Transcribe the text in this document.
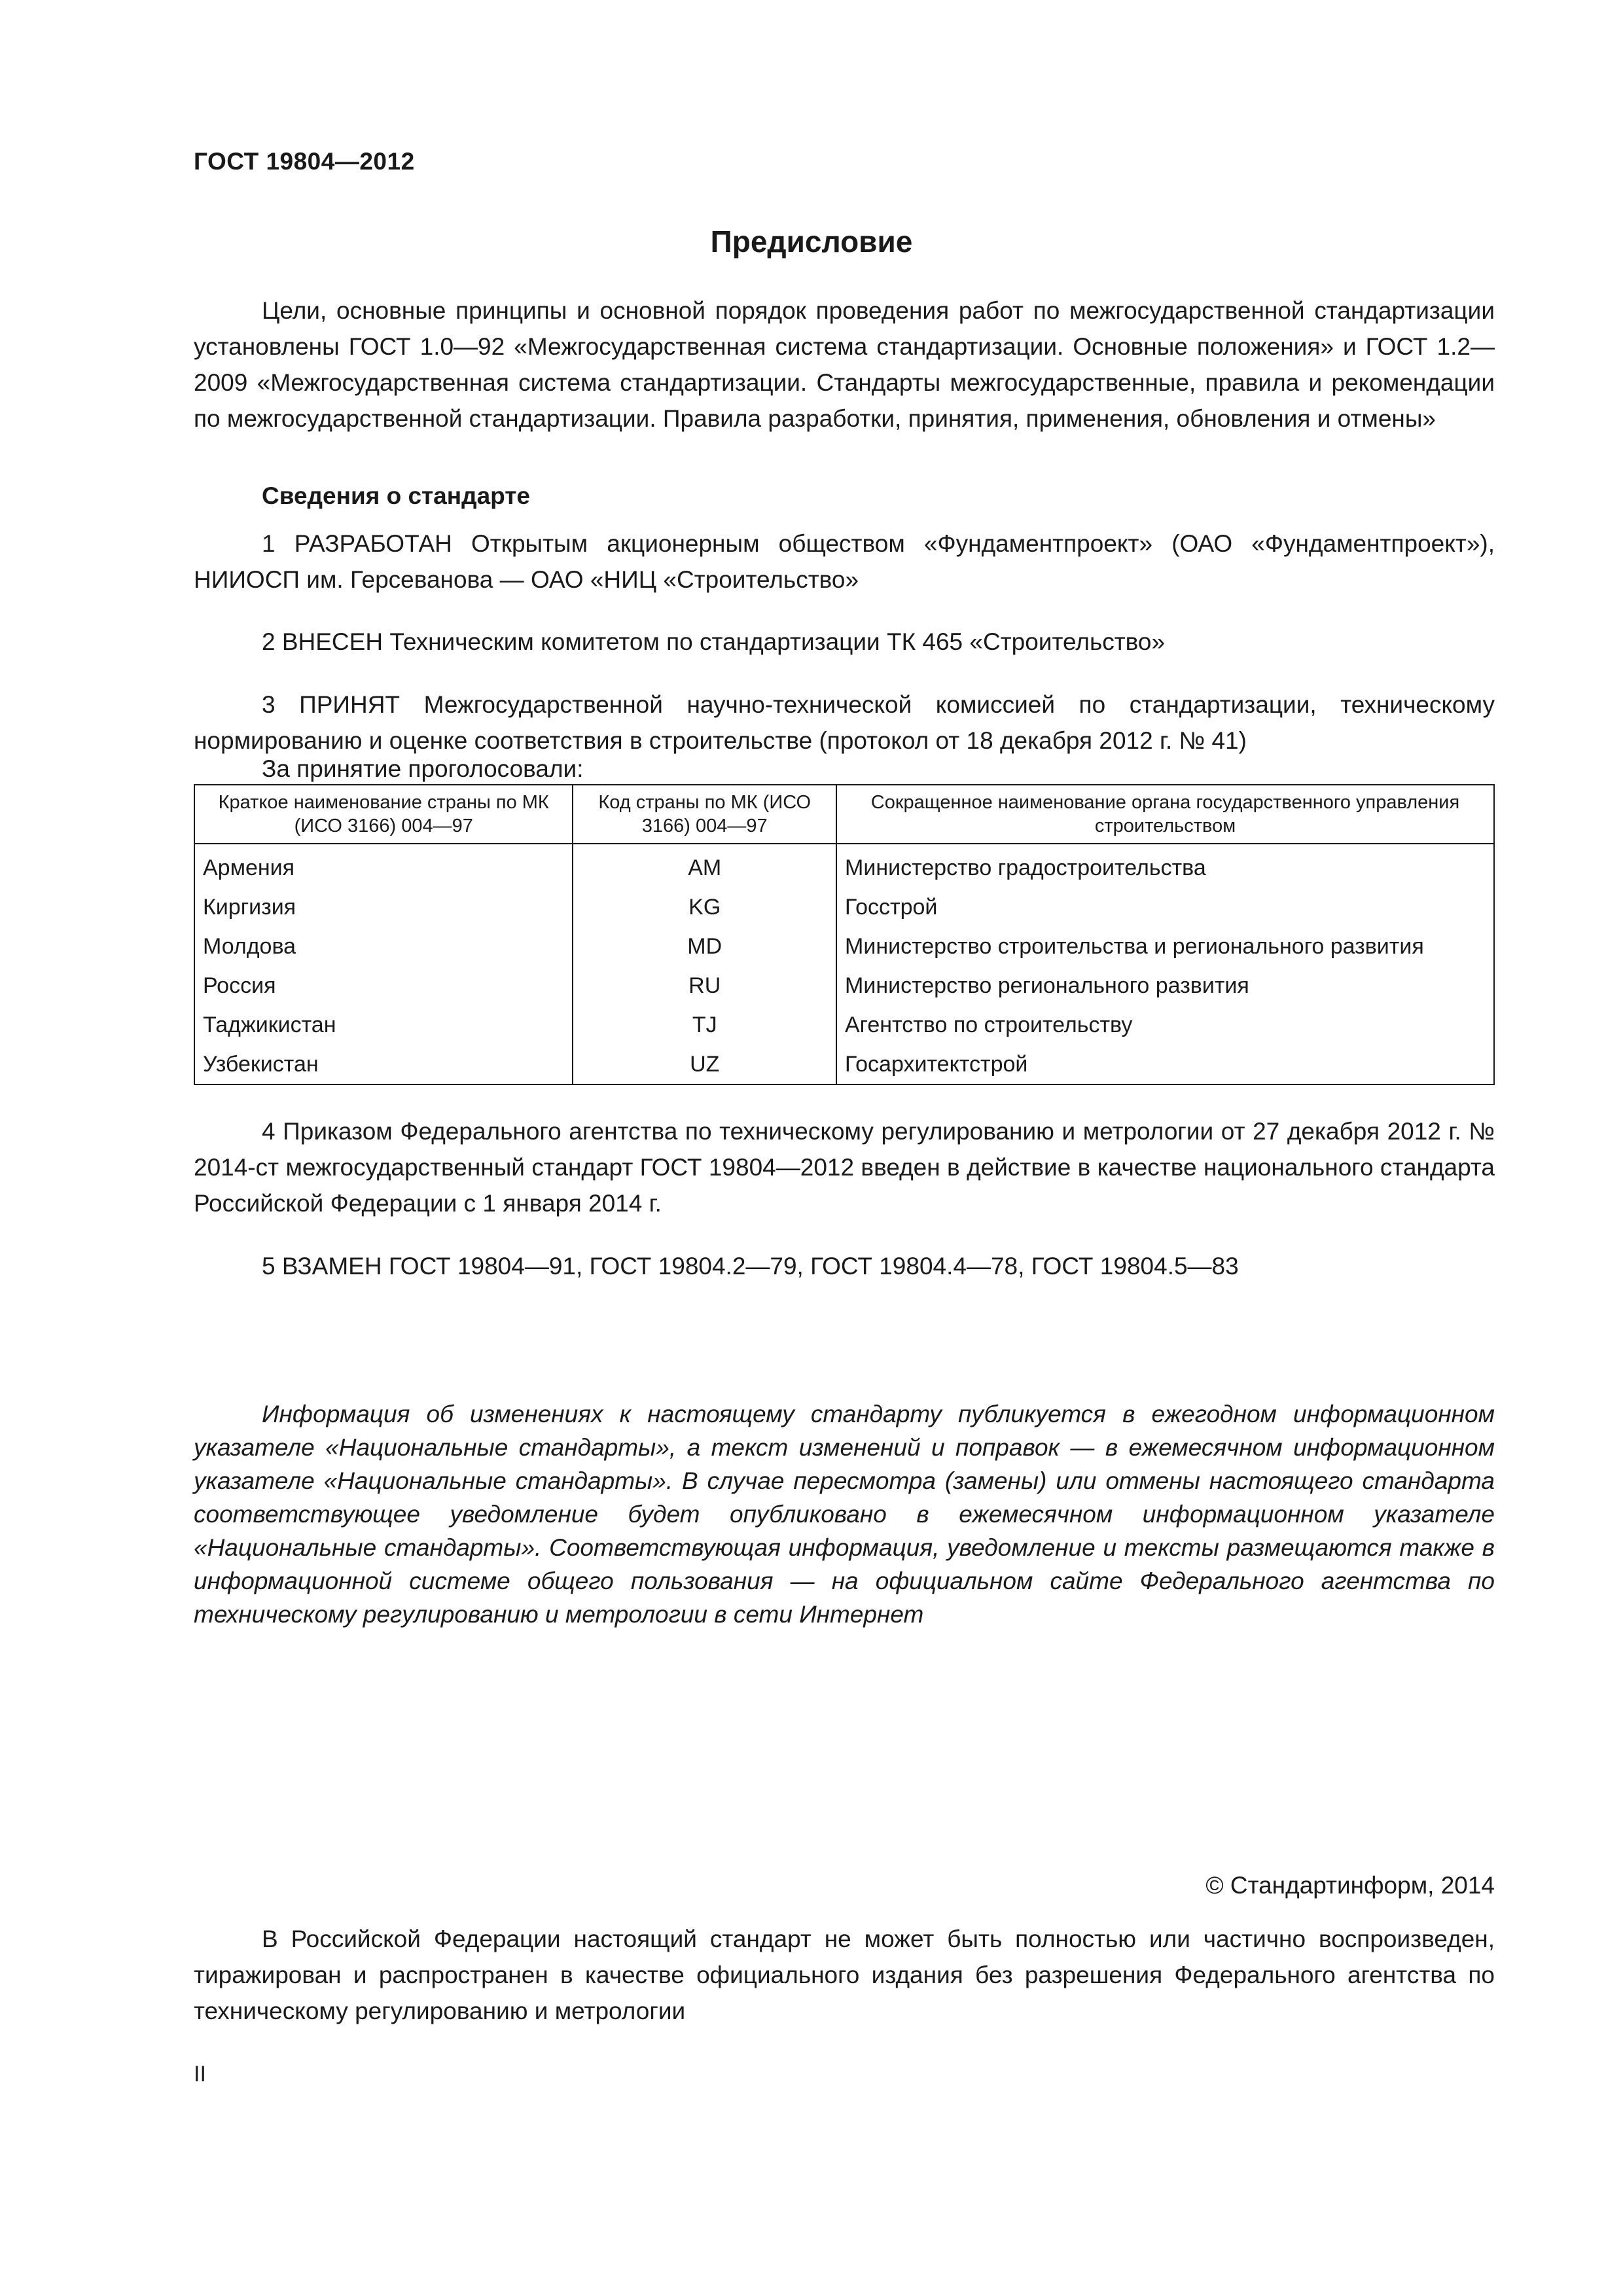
ГОСТ 19804—2012
Предисловие

Цели, основные принципы и основной порядок проведения работ по межгосударственной стандартизации установлены ГОСТ 1.0—92 «Межгосударственная система стандартизации. Основные положения» и ГОСТ 1.2—2009 «Межгосударственная система стандартизации. Стандарты межгосударственные, правила и рекомендации по межгосударственной стандартизации. Правила разработки, принятия, применения, обновления и отмены»

Сведения о стандарте

1 РАЗРАБОТАН Открытым акционерным обществом «Фундаментпроект» (ОАО «Фундаментпроект»), НИИОСП им. Герсеванова — ОАО «НИЦ «Строительство»

2 ВНЕСЕН Техническим комитетом по стандартизации ТК 465 «Строительство»

3 ПРИНЯТ Межгосударственной научно-технической комиссией по стандартизации, техническому нормированию и оценке соответствия в строительстве (протокол от 18 декабря 2012 г. № 41)

За принятие проголосовали:
Краткое наименование страны по МК (ИСО 3166) 004—97	Код страны по МК (ИСО 3166) 004—97	Сокращенное наименование органа государственного управления строительством
Армения	AM	Министерство градостроительства
Киргизия	KG	Госстрой
Молдова	MD	Министерство строительства и регионального развития
Россия	RU	Министерство регионального развития
Таджикистан	TJ	Агентство по строительству
Узбекистан	UZ	Госархитектстрой

4 Приказом Федерального агентства по техническому регулированию и метрологии от 27 декабря 2012 г. № 2014-ст межгосударственный стандарт ГОСТ 19804—2012 введен в действие в качестве национального стандарта Российской Федерации с 1 января 2014 г.

5 ВЗАМЕН ГОСТ 19804—91, ГОСТ 19804.2—79, ГОСТ 19804.4—78, ГОСТ 19804.5—83

Информация об изменениях к настоящему стандарту публикуется в ежегодном информационном указателе «Национальные стандарты», а текст изменений и поправок — в ежемесячном информационном указателе «Национальные стандарты». В случае пересмотра (замены) или отмены настоящего стандарта соответствующее уведомление будет опубликовано в ежемесячном информационном указателе «Национальные стандарты». Соответствующая информация, уведомление и тексты размещаются также в информационной системе общего пользования — на официальном сайте Федерального агентства по техническому регулированию и метрологии в сети Интернет

© Стандартинформ, 2014

В Российской Федерации настоящий стандарт не может быть полностью или частично воспроизведен, тиражирован и распространен в качестве официального издания без разрешения Федерального агентства по техническому регулированию и метрологии

II
